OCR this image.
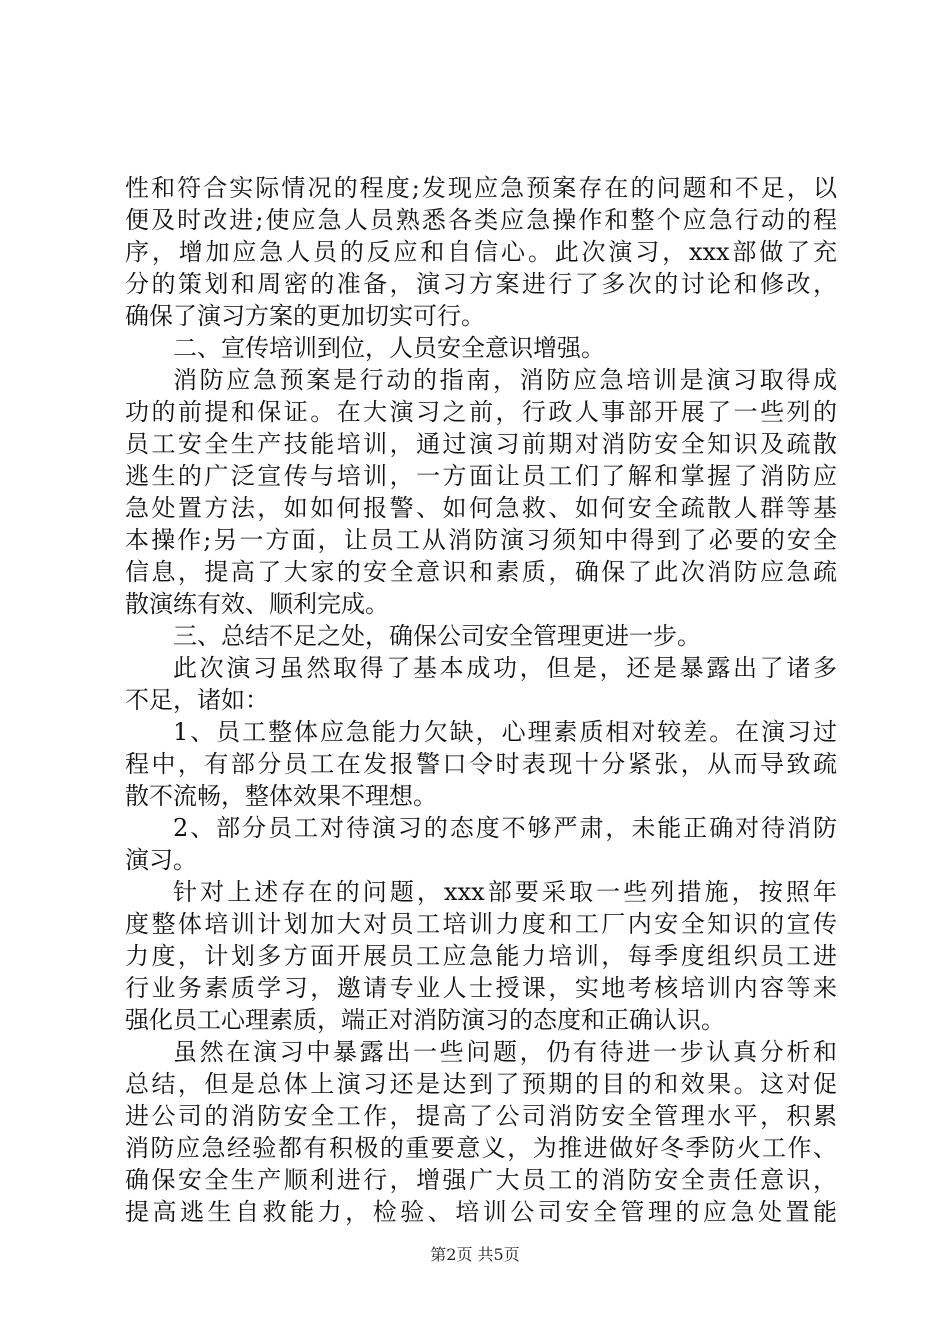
性和符合实际情况的程度;发现应急预案存在的问题和不足，以
便及时改进;使应急人员熟悉各类应急操作和整个应急行动的程
序，增加应急人员的反应和自信心。此次演习，xxx部做了充
分的策划和周密的准备，演习方案进行了多次的讨论和修改，
确保了演习方案的更加切实可行。
二、宣传培训到位，人员安全意识增强。
消防应急预案是行动的指南，消防应急培训是演习取得成
功的前提和保证。在大演习之前，行政人事部开展了一些列的
员工安全生产技能培训，通过演习前期对消防安全知识及疏散
逃生的广泛宣传与培训，一方面让员工们了解和掌握了消防应
急处置方法，如如何报警、如何急救、如何安全疏散人群等基
本操作;另一方面，让员工从消防演习须知中得到了必要的安全
信息，提高了大家的安全意识和素质，确保了此次消防应急疏
散演练有效、顺利完成。
三、总结不足之处，确保公司安全管理更进一步。
此次演习虽然取得了基本成功，但是，还是暴露出了诸多
不足，诸如：
1、员工整体应急能力欠缺，心理素质相对较差。在演习过
程中，有部分员工在发报警口令时表现十分紧张，从而导致疏
散不流畅，整体效果不理想。
2、部分员工对待演习的态度不够严肃，未能正确对待消防
演习。
针对上述存在的问题，xxx部要采取一些列措施，按照年
度整体培训计划加大对员工培训力度和工厂内安全知识的宣传
力度，计划多方面开展员工应急能力培训，每季度组织员工进
行业务素质学习，邀请专业人士授课，实地考核培训内容等来
强化员工心理素质，端正对消防演习的态度和正确认识。
虽然在演习中暴露出一些问题，仍有待进一步认真分析和
总结，但是总体上演习还是达到了预期的目的和效果。这对促
进公司的消防安全工作，提高了公司消防安全管理水平，积累
消防应急经验都有积极的重要意义，为推进做好冬季防火工作、
确保安全生产顺利进行，增强广大员工的消防安全责任意识，
提高逃生自救能力，检验、培训公司安全管理的应急处置能
第2页 共5页
